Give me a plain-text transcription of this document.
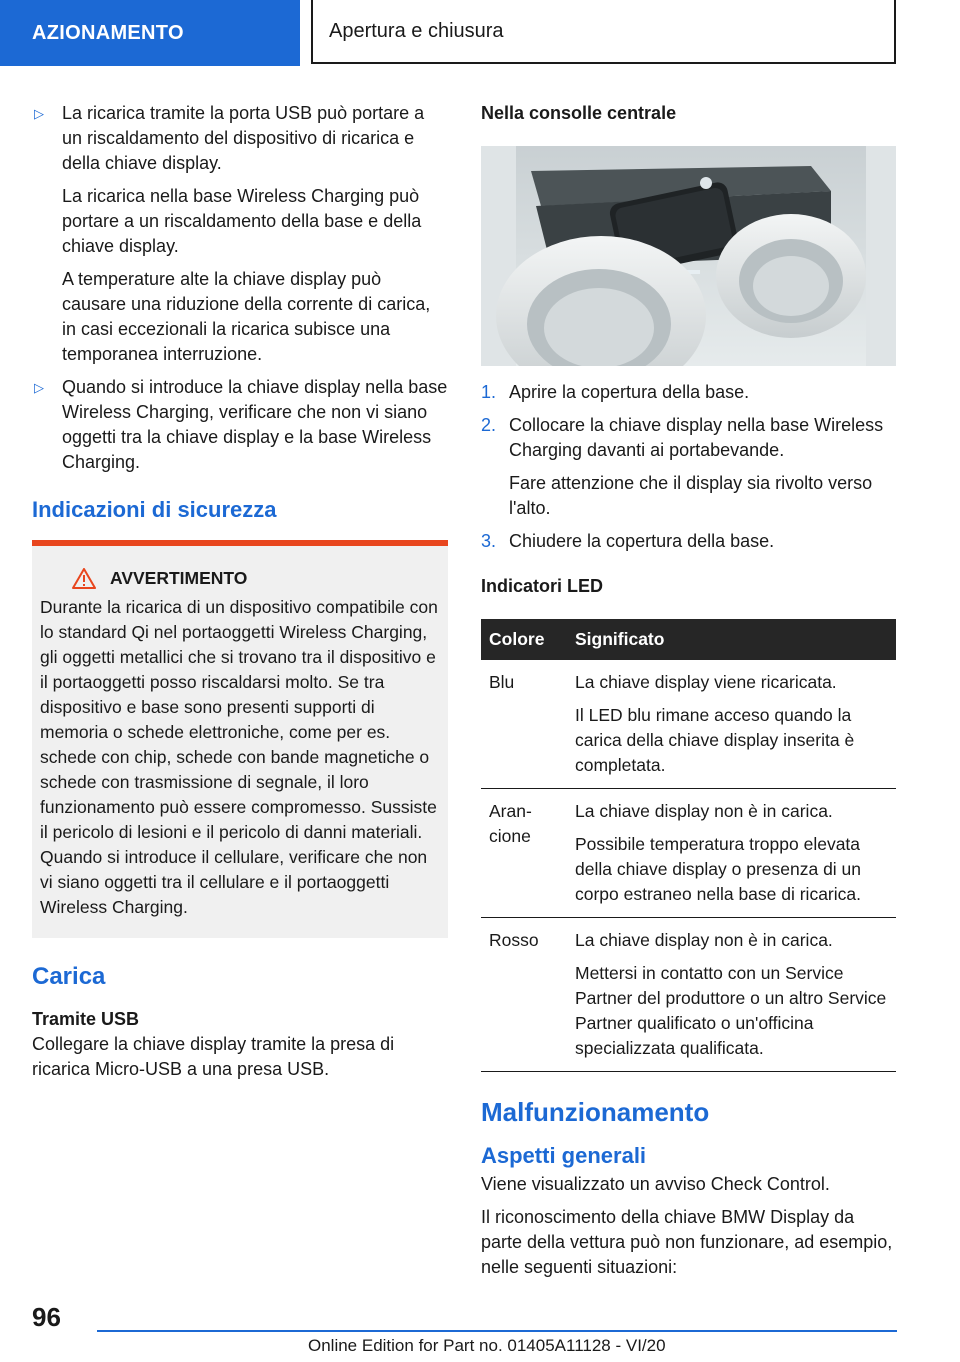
AZIONAMENTO	Apertura e chiusura
▷ La ricarica tramite la porta USB può portare a un riscaldamento del dispositivo di ricarica e della chiave display.

La ricarica nella base Wireless Charging può portare a un riscaldamento della base e della chiave display.

A temperature alte la chiave display può causare una riduzione della corrente di carica, in casi eccezionali la ricarica subisce una temporanea interruzione.

▷ Quando si introduce la chiave display nella base Wireless Charging, verificare che non vi siano oggetti tra la chiave display e la base Wireless Charging.

Indicazioni di sicurezza
AVVERTIMENTO
Durante la ricarica di un dispositivo compatibile con lo standard Qi nel portaoggetti Wireless Charging, gli oggetti metallici che si trovano tra il dispositivo e il portaoggetti posso riscaldarsi molto. Se tra dispositivo e base sono presenti supporti di memoria o schede elettroniche, come per es. schede con chip, schede con bande magnetiche o schede con trasmissione di segnale, il loro funzionamento può essere compromesso. Sussiste il pericolo di lesioni e il pericolo di danni materiali. Quando si introduce il cellulare, verificare che non vi siano oggetti tra il cellulare e il portaoggetti Wireless Charging.
Carica
Tramite USB
Collegare la chiave display tramite la presa di ricarica Micro-USB a una presa USB.
Nella consolle centrale
1. Aprire la copertura della base.

2. Collocare la chiave display nella base Wireless Charging davanti ai portabevande.

Fare attenzione che il display sia rivolto verso l'alto.

3. Chiudere la copertura della base.

Indicatori LED
Colore	Significato
Blu	La chiave display viene ricaricata.

Il LED blu rimane acceso quando la carica della chiave display inserita è completata.

Aran-cione	La chiave display non è in carica.

Possibile temperatura troppo elevata della chiave display o presenza di un corpo estraneo nella base di ricarica.

Rosso	La chiave display non è in carica.

Mettersi in contatto con un Service Partner del produttore o un altro Service Partner qualificato o un'officina specializzata qualificata.

Malfunzionamento
Aspetti generali

Viene visualizzato un avviso Check Control.

Il riconoscimento della chiave BMW Display da parte della vettura può non funzionare, ad esempio, nelle seguenti situazioni:

96
Online Edition for Part no. 01405A11128 - VI/20
